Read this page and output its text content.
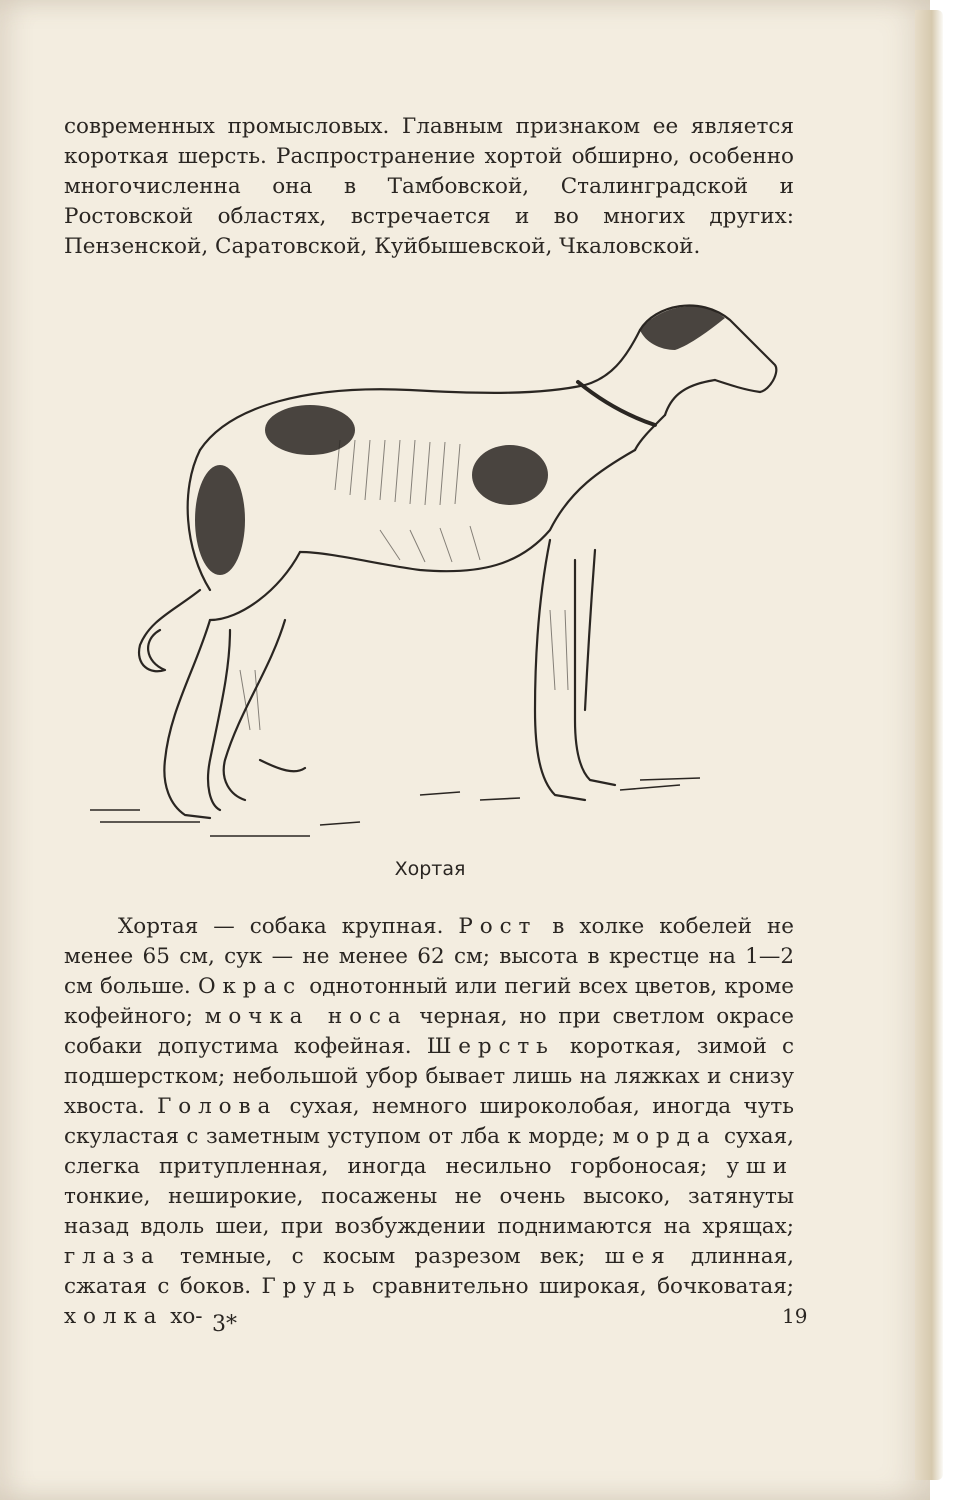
современных промысловых. Главным признаком ее является короткая шерсть. Распространение хортой обширно, особенно многочисленна она в Тамбовской, Сталинградской и Ростовской областях, встречается и во многих других: Пензенской, Саратовской, Куйбышевской, Чкаловской.

Хортая

Хортая — собака крупная. Рост в холке кобелей не менее 65 см, сук — не менее 62 см; высота в крестце на 1—2 см больше. Окрас однотонный или пегий всех цветов, кроме кофейного; мочка носа черная, но при светлом окрасе собаки допустима кофейная. Шерсть короткая, зимой с подшерстком; небольшой убор бывает лишь на ляжках и снизу хвоста. Голова сухая, немного широколобая, иногда чуть скуластая с заметным уступом от лба к морде; морда сухая, слегка притупленная, иногда несильно горбоносая; уши тонкие, неширокие, посажены не очень высоко, затянуты назад вдоль шеи, при возбуждении поднимаются на хрящах; глаза темные, с косым разрезом век; шея длинная, сжатая с боков. Грудь сравнительно широкая, бочковатая; холка хо- 3*	19
